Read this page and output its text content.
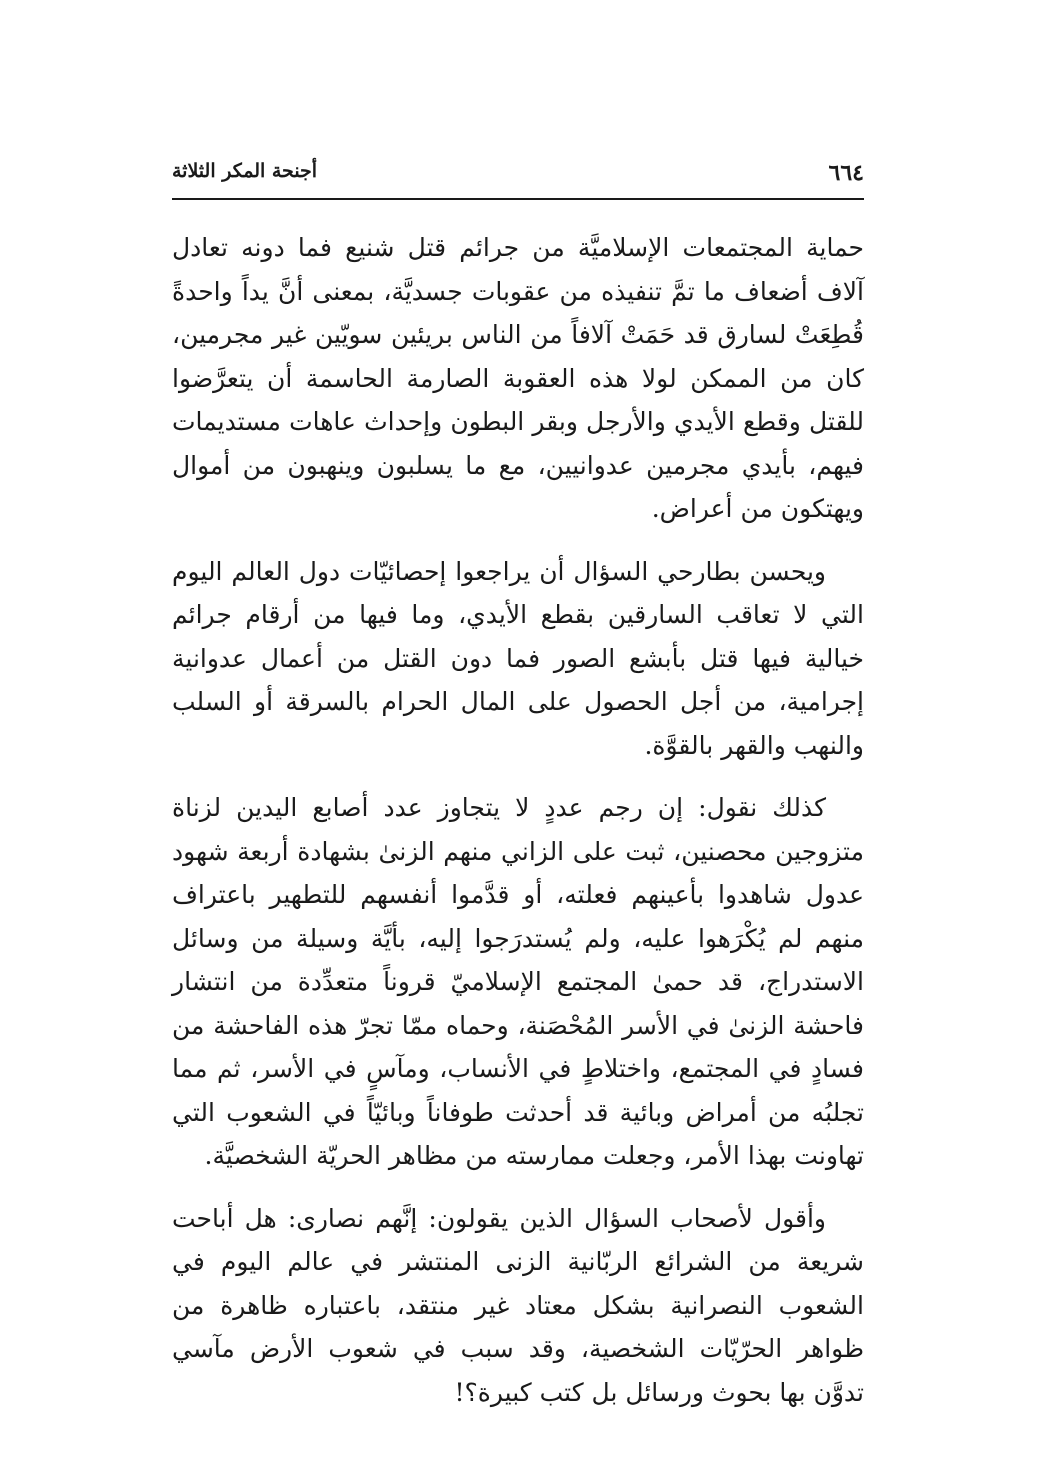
٦٦٤
أجنحة المكر الثلاثة

حماية المجتمعات الإسلاميَّة من جرائم قتل شنيع فما دونه تعادل آلاف أضعاف ما تمَّ تنفيذه من عقوبات جسديَّة، بمعنى أنَّ يداً واحدةً قُطِعَتْ لسارق قد حَمَتْ آلافاً من الناس بريئين سويّين غير مجرمين، كان من الممكن لولا هذه العقوبة الصارمة الحاسمة أن يتعرَّضوا للقتل وقطع الأيدي والأرجل وبقر البطون وإحداث عاهات مستديمات فيهم، بأيدي مجرمين عدوانيين، مع ما يسلبون وينهبون من أموال ويهتكون من أعراض.

ويحسن بطارحي السؤال أن يراجعوا إحصائيّات دول العالم اليوم التي لا تعاقب السارقين بقطع الأيدي، وما فيها من أرقام جرائم خيالية فيها قتل بأبشع الصور فما دون القتل من أعمال عدوانية إجرامية، من أجل الحصول على المال الحرام بالسرقة أو السلب والنهب والقهر بالقوَّة.

كذلك نقول: إن رجم عددٍ لا يتجاوز عدد أصابع اليدين لزناة متزوجين محصنين، ثبت على الزاني منهم الزنىٰ بشهادة أربعة شهود عدول شاهدوا بأعينهم فعلته، أو قدَّموا أنفسهم للتطهير باعتراف منهم لم يُكْرَهوا عليه، ولم يُستدرَجوا إليه، بأيَّة وسيلة من وسائل الاستدراج، قد حمىٰ المجتمع الإسلاميّ قروناً متعدِّدة من انتشار فاحشة الزنىٰ في الأسر المُحْصَنة، وحماه ممّا تجرّ هذه الفاحشة من فسادٍ في المجتمع، واختلاطٍ في الأنساب، ومآسٍ في الأسر، ثم مما تجلبُه من أمراض وبائية قد أحدثت طوفاناً وبائيّاً في الشعوب التي تهاونت بهذا الأمر، وجعلت ممارسته من مظاهر الحريّة الشخصيَّة.

وأقول لأصحاب السؤال الذين يقولون: إنَّهم نصارى: هل أباحت شريعة من الشرائع الربّانية الزنى المنتشر في عالم اليوم في الشعوب النصرانية بشكل معتاد غير منتقد، باعتباره ظاهرة من ظواهر الحرّيّات الشخصية، وقد سبب في شعوب الأرض مآسي تدوَّن بها بحوث ورسائل بل كتب كبيرة؟!
